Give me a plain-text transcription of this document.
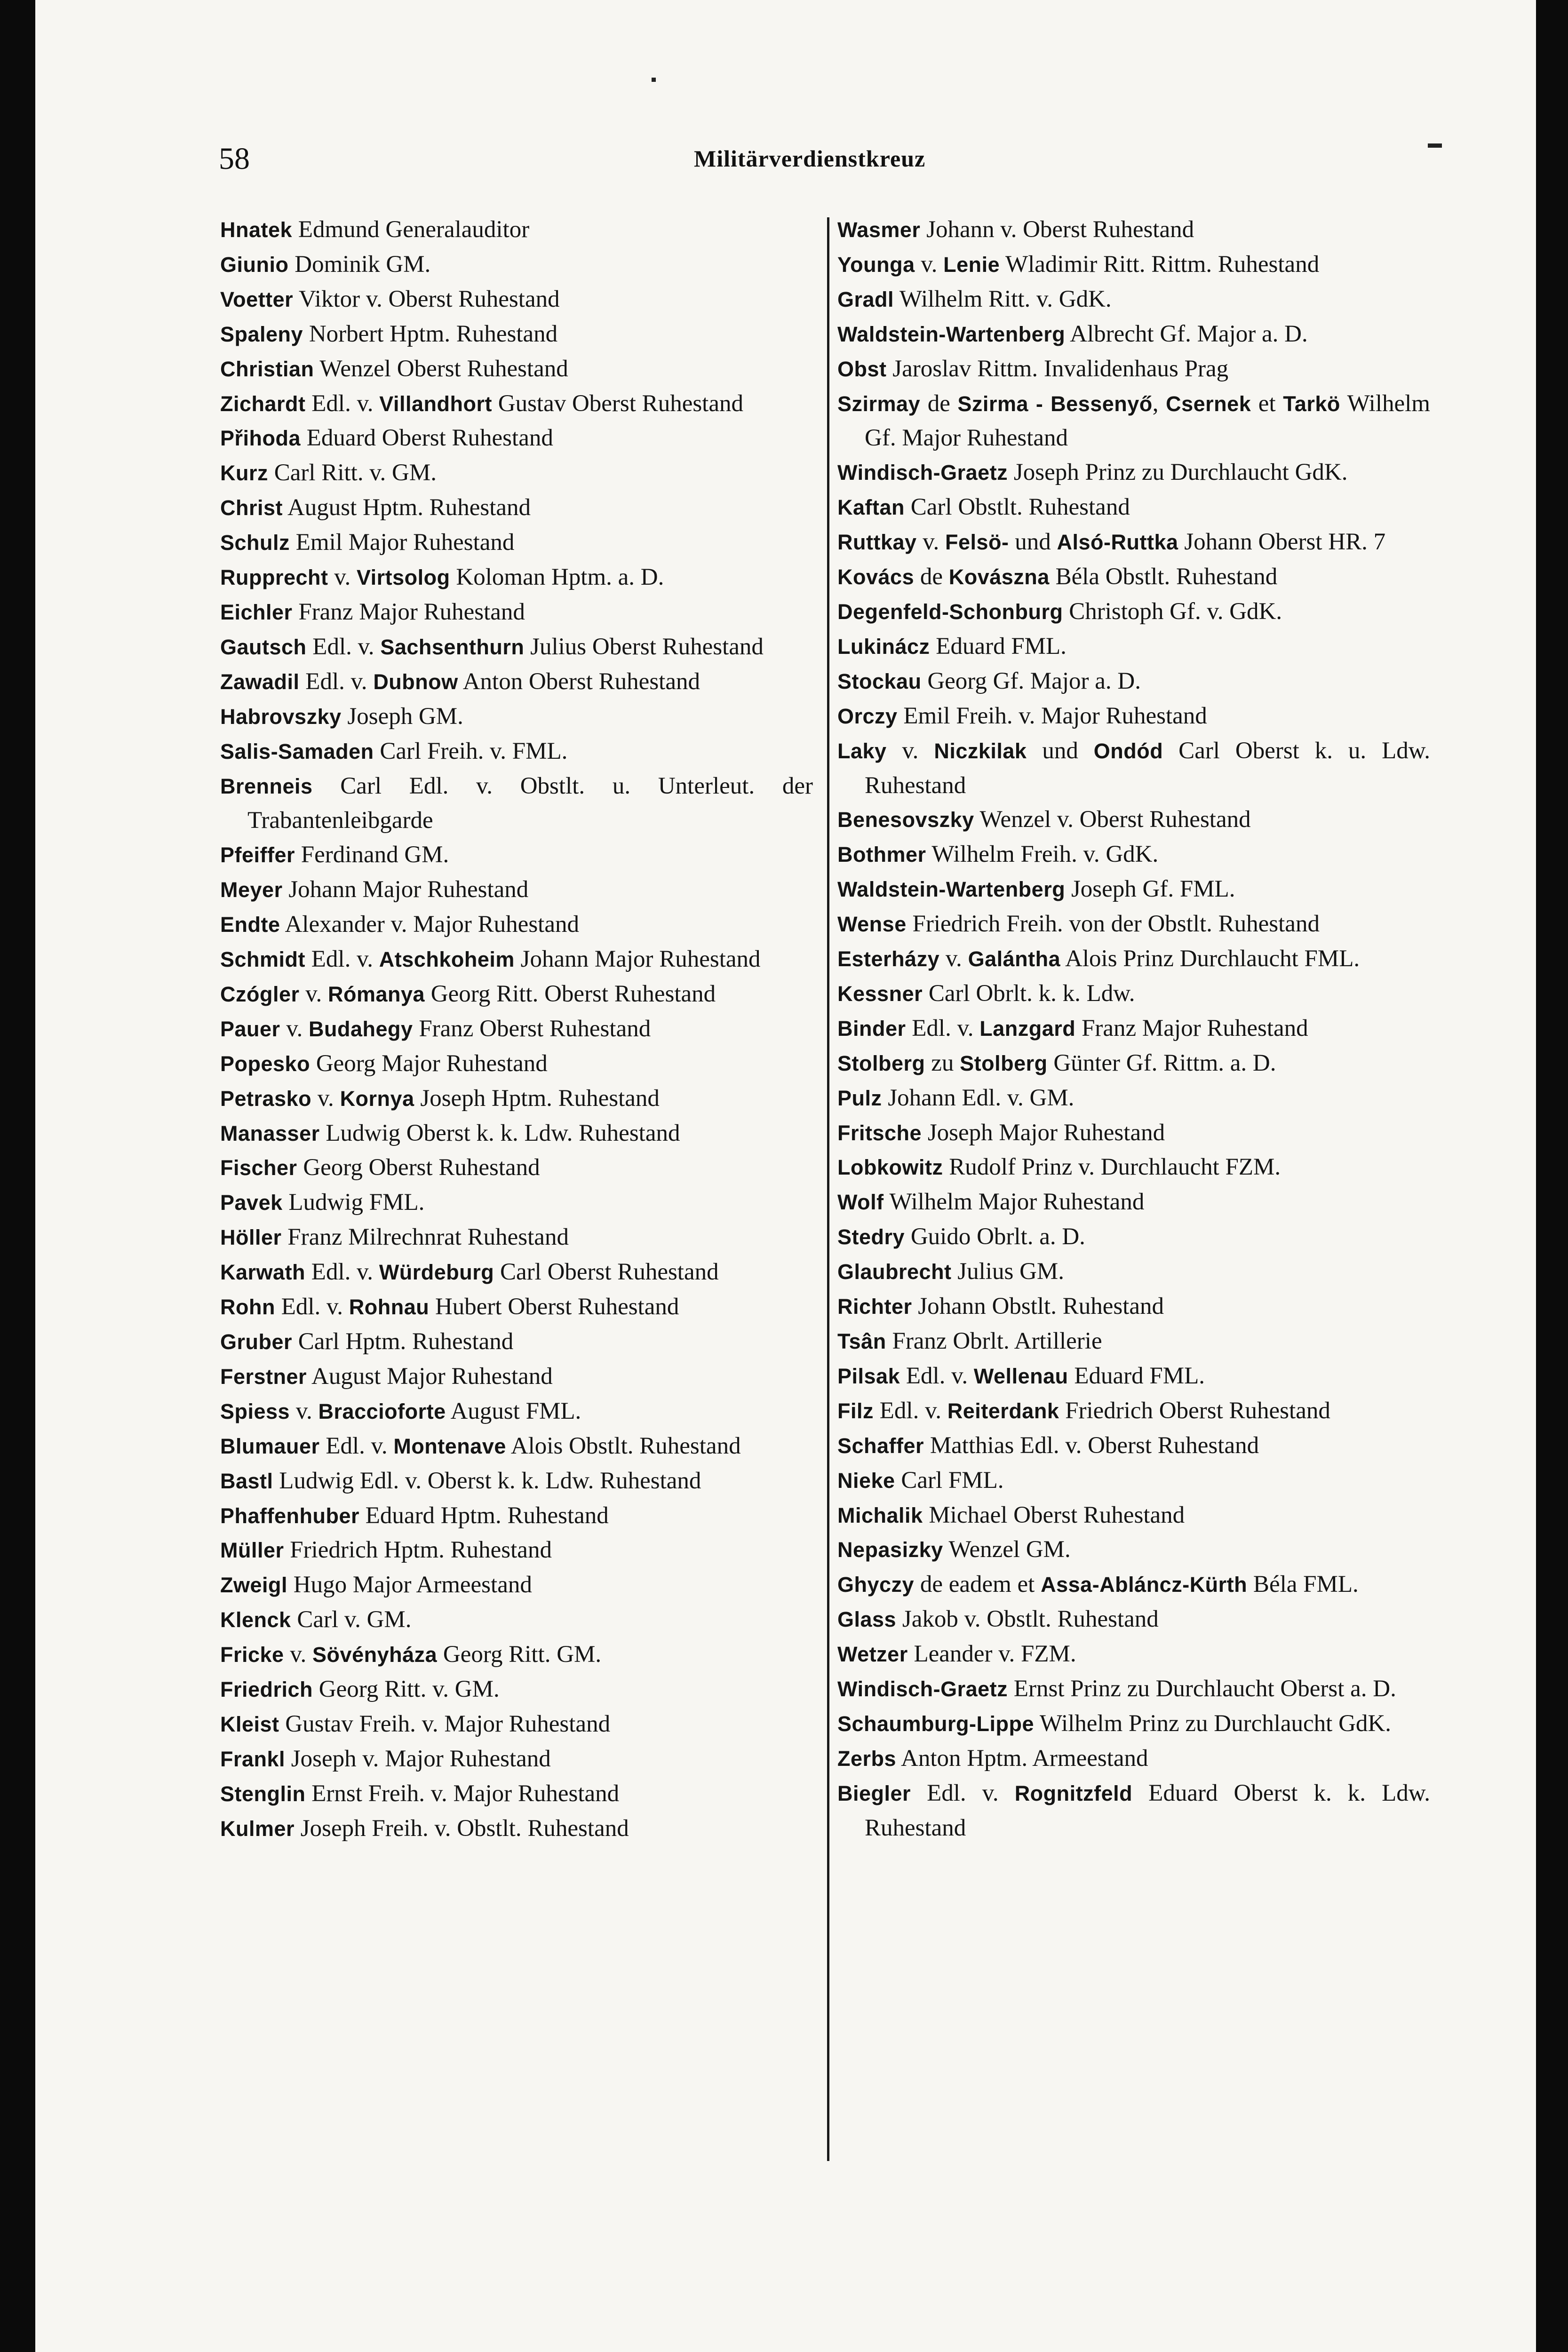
58	Militärverdienstkreuz
Hnatek Edmund Generalauditor
Giunio Dominik GM.
Voetter Viktor v. Oberst Ruhestand
Spaleny Norbert Hptm. Ruhestand
Christian Wenzel Oberst Ruhestand
Zichardt Edl. v. Villandhort Gustav Oberst Ruhestand
Přihoda Eduard Oberst Ruhestand
Kurz Carl Ritt. v. GM.
Christ August Hptm. Ruhestand
Schulz Emil Major Ruhestand
Rupprecht v. Virtsolog Koloman Hptm. a. D.
Eichler Franz Major Ruhestand
Gautsch Edl. v. Sachsenthurn Julius Oberst Ruhestand
Zawadil Edl. v. Dubnow Anton Oberst Ruhestand
Habrovszky Joseph GM.
Salis-Samaden Carl Freih. v. FML.
Brenneis Carl Edl. v. Obstlt. u. Unterleut. der Trabantenleibgarde
Pfeiffer Ferdinand GM.
Meyer Johann Major Ruhestand
Endte Alexander v. Major Ruhestand
Schmidt Edl. v. Atschkoheim Johann Major Ruhestand
Czógler v. Rómanya Georg Ritt. Oberst Ruhestand
Pauer v. Budahegy Franz Oberst Ruhestand
Popesko Georg Major Ruhestand
Petrasko v. Kornya Joseph Hptm. Ruhestand
Manasser Ludwig Oberst k. k. Ldw. Ruhestand
Fischer Georg Oberst Ruhestand
Pavek Ludwig FML.
Höller Franz Milrechnrat Ruhestand
Karwath Edl. v. Würdeburg Carl Oberst Ruhestand
Rohn Edl. v. Rohnau Hubert Oberst Ruhestand
Gruber Carl Hptm. Ruhestand
Ferstner August Major Ruhestand
Spiess v. Braccioforte August FML.
Blumauer Edl. v. Montenave Alois Obstlt. Ruhestand
Bastl Ludwig Edl. v. Oberst k. k. Ldw. Ruhestand
Phaffenhuber Eduard Hptm. Ruhestand
Müller Friedrich Hptm. Ruhestand
Zweigl Hugo Major Armeestand
Klenck Carl v. GM.
Fricke v. Sövényháza Georg Ritt. GM.
Friedrich Georg Ritt. v. GM.
Kleist Gustav Freih. v. Major Ruhestand
Frankl Joseph v. Major Ruhestand
Stenglin Ernst Freih. v. Major Ruhestand
Kulmer Joseph Freih. v. Obstlt. Ruhestand
Wasmer Johann v. Oberst Ruhestand
Younga v. Lenie Wladimir Ritt. Rittm. Ruhestand
Gradl Wilhelm Ritt. v. GdK.
Waldstein-Wartenberg Albrecht Gf. Major a. D.
Obst Jaroslav Rittm. Invalidenhaus Prag
Szirmay de Szirma - Bessenyő, Csernek et Tarkö Wilhelm Gf. Major Ruhestand
Windisch-Graetz Joseph Prinz zu Durchlaucht GdK.
Kaftan Carl Obstlt. Ruhestand
Ruttkay v. Felsö- und Alsó-Ruttka Johann Oberst HR. 7
Kovács de Kovászna Béla Obstlt. Ruhestand
Degenfeld-Schonburg Christoph Gf. v. GdK.
Lukinácz Eduard FML.
Stockau Georg Gf. Major a. D.
Orczy Emil Freih. v. Major Ruhestand
Laky v. Niczkilak und Ondód Carl Oberst k. u. Ldw. Ruhestand
Benesovszky Wenzel v. Oberst Ruhestand
Bothmer Wilhelm Freih. v. GdK.
Waldstein-Wartenberg Joseph Gf. FML.
Wense Friedrich Freih. von der Obstlt. Ruhestand
Esterházy v. Galántha Alois Prinz Durchlaucht FML.
Kessner Carl Obrlt. k. k. Ldw.
Binder Edl. v. Lanzgard Franz Major Ruhestand
Stolberg zu Stolberg Günter Gf. Rittm. a. D.
Pulz Johann Edl. v. GM.
Fritsche Joseph Major Ruhestand
Lobkowitz Rudolf Prinz v. Durchlaucht FZM.
Wolf Wilhelm Major Ruhestand
Stedry Guido Obrlt. a. D.
Glaubrecht Julius GM.
Richter Johann Obstlt. Ruhestand
Tsân Franz Obrlt. Artillerie
Pilsak Edl. v. Wellenau Eduard FML.
Filz Edl. v. Reiterdank Friedrich Oberst Ruhestand
Schaffer Matthias Edl. v. Oberst Ruhestand
Nieke Carl FML.
Michalik Michael Oberst Ruhestand
Nepasizky Wenzel GM.
Ghyczy de eadem et Assa-Abláncz-Kürth Béla FML.
Glass Jakob v. Obstlt. Ruhestand
Wetzer Leander v. FZM.
Windisch-Graetz Ernst Prinz zu Durchlaucht Oberst a. D.
Schaumburg-Lippe Wilhelm Prinz zu Durchlaucht GdK.
Zerbs Anton Hptm. Armeestand
Biegler Edl. v. Rognitzfeld Eduard Oberst k. k. Ldw. Ruhestand
